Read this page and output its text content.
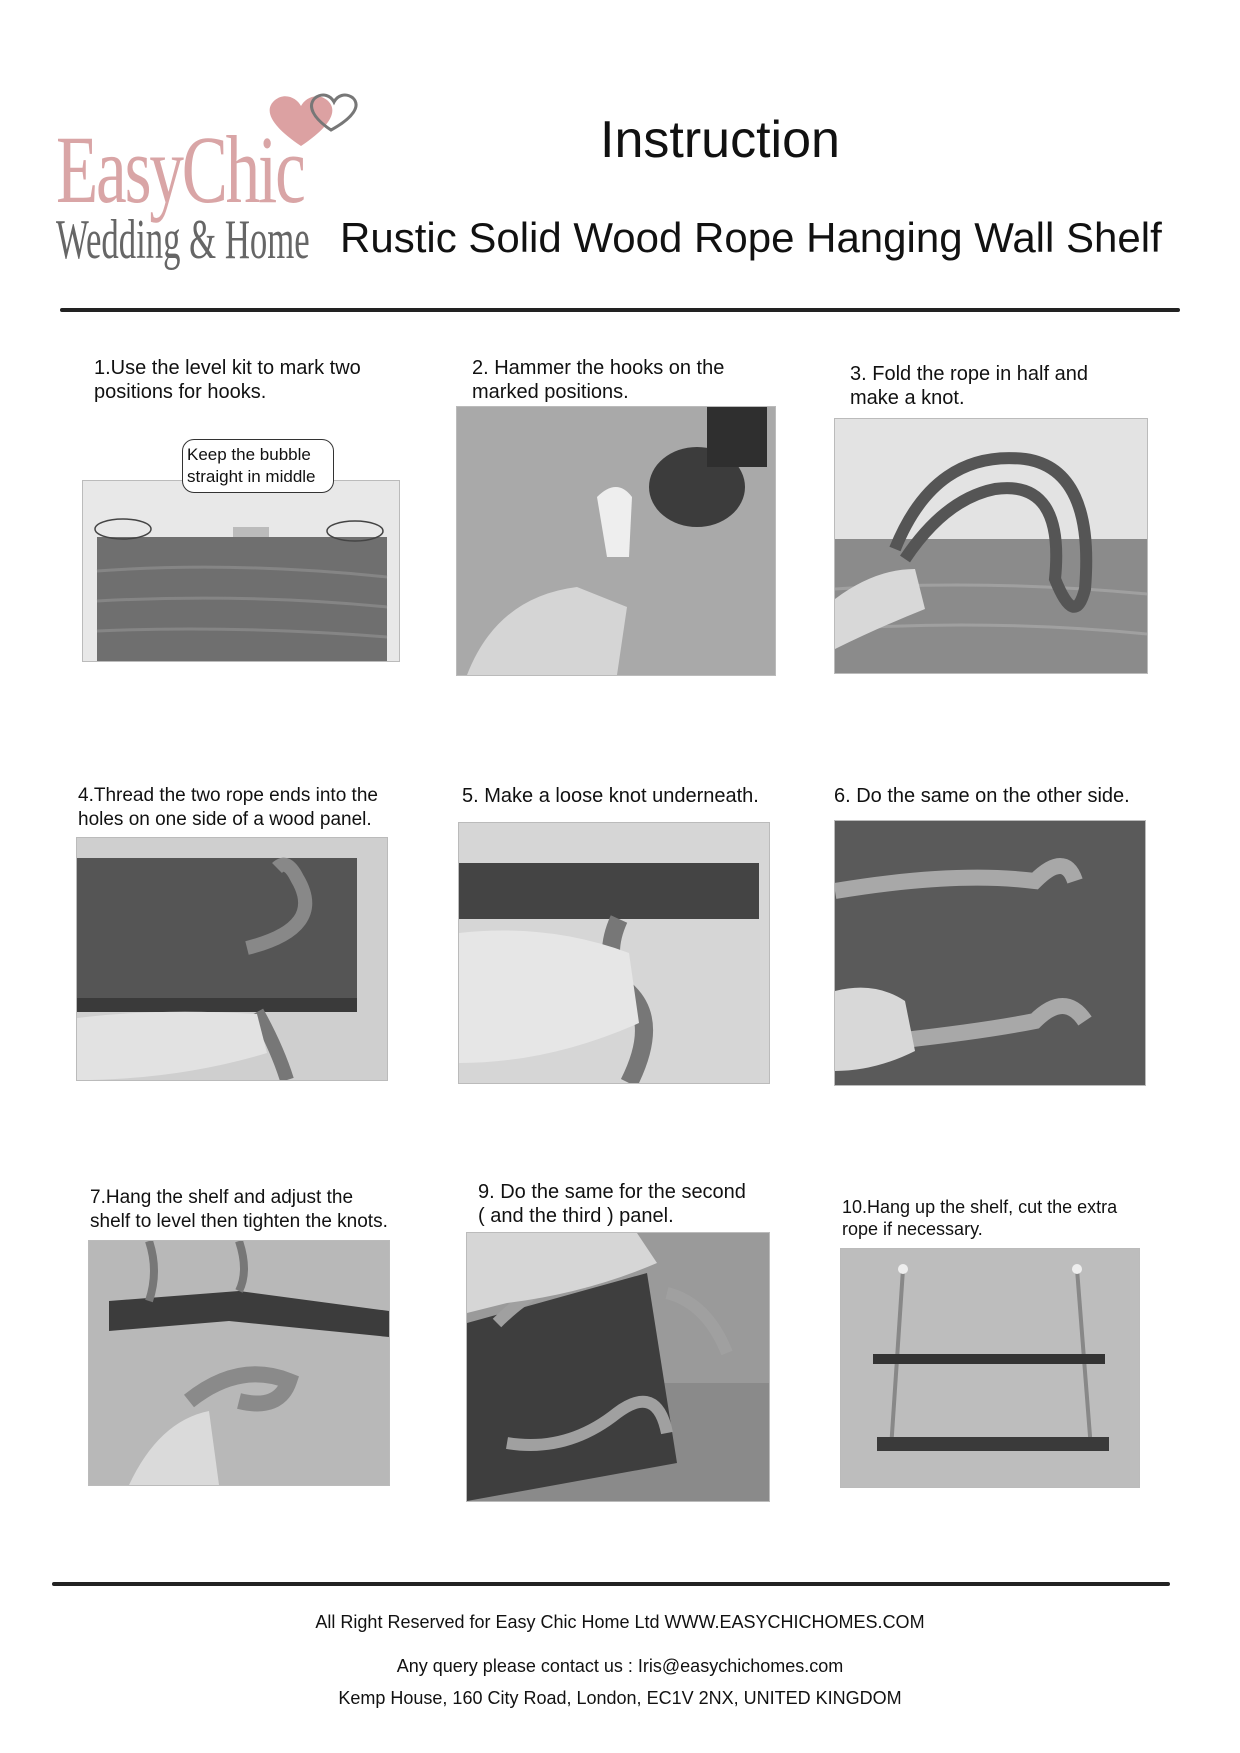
EasyChic
Wedding & Home
Instruction
Rustic Solid Wood Rope Hanging Wall Shelf
1.Use the level kit to mark two
positions for hooks.
Keep the bubble
straight in middle
2. Hammer the hooks on the
marked positions.
3. Fold the rope in half and
make a knot.
4.Thread the two rope ends into the
holes on one side of a wood panel.
5. Make a loose knot underneath.	6. Do the same on the other side.
7.Hang the shelf and adjust the
shelf to level then tighten the knots.
9. Do the same for the second
( and the third ) panel.	10.Hang up the shelf, cut the extra
rope if necessary.
All Right Reserved for Easy Chic Home Ltd WWW.EASYCHICHOMES.COM
Any query please contact us : Iris@easychichomes.com
Kemp House, 160 City Road, London, EC1V 2NX, UNITED KINGDOM
